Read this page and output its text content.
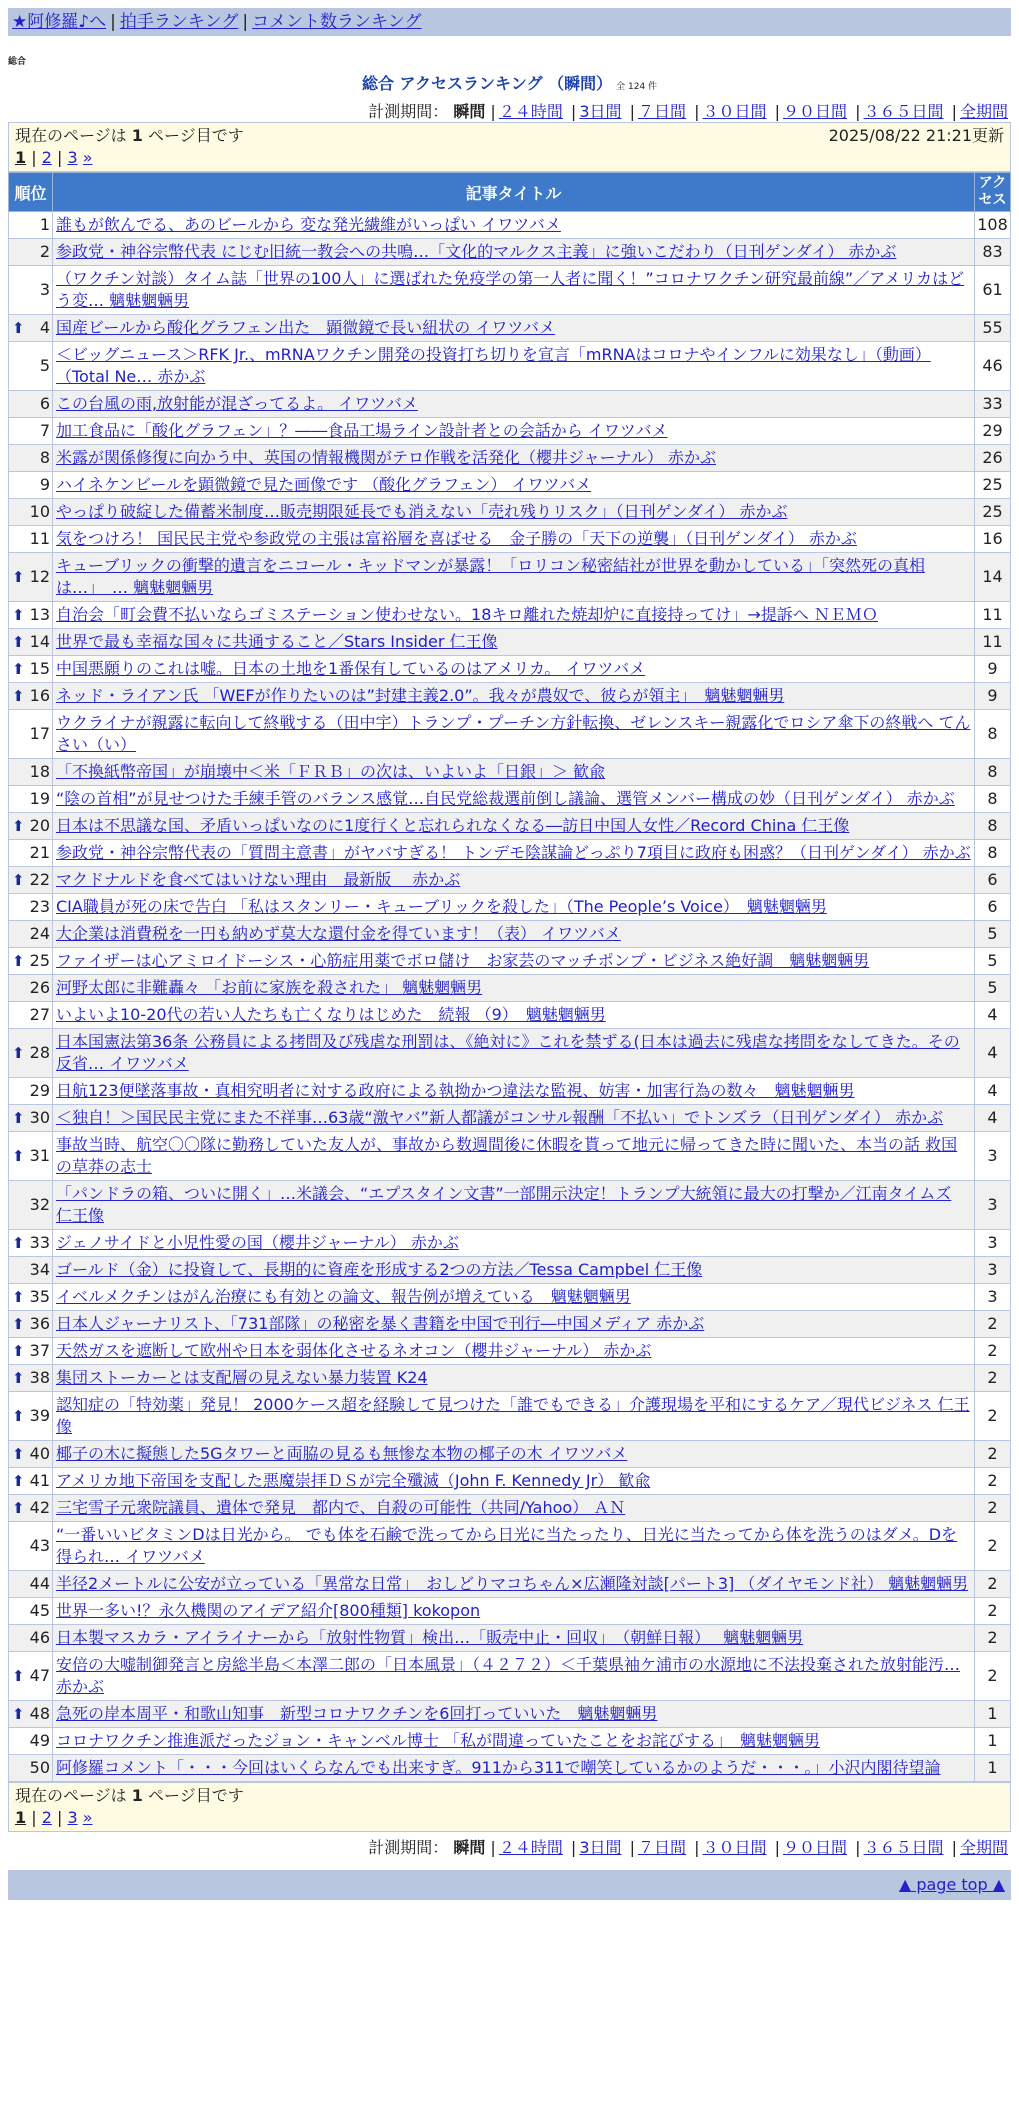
★阿修羅♪へ | 拍手ランキング | コメント数ランキング
総合
総合 アクセスランキング （瞬間） 全 124 件
計測期間： 瞬間 | ２４時間 | 3日間 | ７日間 | ３０日間 | ９０日間 | ３６５日間 | 全期間
現在のページは 1 ページ目です	2025/08/22 21:21更新
1 | 2 | 3 »
順位	記事タイトル	アクセス
1	誰もが飲んでる、あのビールから 変な発光繊維がいっぱい イワツバメ	108
2	参政党・神谷宗幣代表 にじむ旧統一教会への共鳴…「文化的マルクス主義」に強いこだわり（日刊ゲンダイ） 赤かぶ	83
3	（ワクチン対談）タイム誌「世界の100人」に選ばれた免疫学の第一人者に聞く！”コロナワクチン研究最前線”／アメリカはどう変… 魑魅魍魎男	61

⬆ 4	国産ビールから酸化グラフェン出た　顕微鏡で長い紐状の イワツバメ	55
5	＜ビッグニュース＞RFK Jr.、mRNAワクチン開発の投資打ち切りを宣言「mRNAはコロナやインフルに効果なし」（動画）（Total Ne… 赤かぶ	46
6	この台風の雨,放射能が混ざってるよ。 イワツバメ	33
7	加工食品に「酸化グラフェン」？――食品工場ライン設計者との会話から イワツバメ	29
8	米露が関係修復に向かう中、英国の情報機関がテロ作戦を活発化（櫻井ジャーナル） 赤かぶ	26
9	ハイネケンビールを顕微鏡で見た画像です （酸化グラフェン） イワツバメ	25
10	やっぱり破綻した備蓄米制度…販売期限延長でも消えない「売れ残りリスク」（日刊ゲンダイ） 赤かぶ	25
11	気をつけろ！ 国民民主党や参政党の主張は富裕層を喜ばせる　金子勝の「天下の逆襲」（日刊ゲンダイ） 赤かぶ	16

⬆ 12	キューブリックの衝撃的遺言をニコール・キッドマンが暴露！「ロリコン秘密結社が世界を動かしている」「突然死の真相は…」　… 魑魅魍魎男	14

⬆ 13	自治会「町会費不払いならゴミステーション使わせない。18キロ離れた焼却炉に直接持ってけ」→提訴へ ＮＥＭＯ	11

⬆ 14	世界で最も幸福な国々に共通すること／Stars Insider 仁王像	11

⬆ 15	中国悪願りのこれは嘘。日本の土地を1番保有しているのはアメリカ。 イワツバメ	9

⬆ 16	ネッド・ライアン氏 「WEFが作りたいのは”封建主義2.0”。我々が農奴で、彼らが領主」　魑魅魍魎男	9
17	ウクライナが親露に転向して終戦する（田中宇）トランプ・プーチン方針転換、ゼレンスキー親露化でロシア傘下の終戦へ てんさい（い）	8
18	「不換紙幣帝国」が崩壊中＜米「ＦＲＢ」の次は、いよいよ「日銀」＞ 歓兪	8
19	“陰の首相”が見せつけた手練手管のバランス感覚…自民党総裁選前倒し議論、選管メンバー構成の妙（日刊ゲンダイ） 赤かぶ	8

⬆ 20	日本は不思議な国、矛盾いっぱいなのに1度行くと忘れられなくなる―訪日中国人女性／Record China 仁王像	8
21	参政党・神谷宗幣代表の「質問主意書」がヤバすぎる！ トンデモ陰謀論どっぷり7項目に政府も困惑？（日刊ゲンダイ） 赤かぶ	8

⬆ 22	マクドナルドを食べてはいけない理由　最新版　 赤かぶ	6
23	CIA職員が死の床で告白 「私はスタンリー・キューブリックを殺した」（The People’s Voice）　魑魅魍魎男	6
24	大企業は消費税を一円も納めず莫大な還付金を得ています！（表） イワツバメ	5

⬆ 25	ファイザーは心アミロイドーシス・心筋症用薬でボロ儲け　お家芸のマッチポンプ・ビジネス絶好調　魑魅魍魎男	5
26	河野太郎に非難轟々 「お前に家族を殺された」 魑魅魍魎男	5
27	いよいよ10-20代の若い人たちも亡くなりはじめた　続報 （9）　魑魅魍魎男	4

⬆ 28	日本国憲法第36条 公務員による拷問及び残虐な刑罰は、《絶対に》これを禁ずる(日本は過去に残虐な拷問をなしてきた。その反省… イワツバメ	4
29	日航123便墜落事故・真相究明者に対する政府による執拗かつ違法な監視、妨害・加害行為の数々　魑魅魍魎男	4

⬆ 30	＜独自！＞国民民主党にまた不祥事…63歳“激ヤバ”新人都議がコンサル報酬「不払い」でトンズラ（日刊ゲンダイ） 赤かぶ	4

⬆ 31	事故当時、航空〇〇隊に勤務していた友人が、事故から数週間後に休暇を貰って地元に帰ってきた時に聞いた、本当の話 救国の草莽の志士	3
32	「パンドラの箱、ついに開く」…米議会、“エプスタイン文書”一部開示決定！トランプ大統領に最大の打撃か／江南タイムズ 仁王像	3

⬆ 33	ジェノサイドと小児性愛の国（櫻井ジャーナル） 赤かぶ	3
34	ゴールド（金）に投資して、長期的に資産を形成する2つの方法／Tessa Campbel 仁王像	3

⬆ 35	イベルメクチンはがん治療にも有効との論文、報告例が増えている　魑魅魍魎男	3

⬆ 36	日本人ジャーナリスト、「731部隊」の秘密を暴く書籍を中国で刊行―中国メディア 赤かぶ	2

⬆ 37	天然ガスを遮断して欧州や日本を弱体化させるネオコン（櫻井ジャーナル） 赤かぶ	2

⬆ 38	集団ストーカーとは支配層の見えない暴力装置 K24	2

⬆ 39	認知症の「特効薬」発見！ 2000ケース超を経験して見つけた「誰でもできる」介護現場を平和にするケア／現代ビジネス 仁王像	2

⬆ 40	椰子の木に擬態した5Gタワーと両脇の見るも無惨な本物の椰子の木 イワツバメ	2

⬆ 41	アメリカ地下帝国を支配した悪魔崇拝ＤＳが完全殲滅（John F. Kennedy Jr） 歓兪	2

⬆ 42	三宅雪子元衆院議員、遺体で発見　都内で、自殺の可能性（共同/Yahoo） ＡＮ	2
43	“一番いいビタミンDは日光から。 でも体を石鹸で洗ってから日光に当たったり、日光に当たってから体を洗うのはダメ。Dを得られ… イワツバメ	2
44	半径2メートルに公安が立っている「異常な日常」　おしどりマコちゃん×広瀬隆対談[パート3] （ダイヤモンド社） 魑魅魍魎男	2
45	世界一多い!？永久機関のアイデア紹介[800種類] kokopon	2
46	日本製マスカラ・アイライナーから「放射性物質」検出…「販売中止・回収」　（朝鮮日報）　 魑魅魍魎男	2

⬆ 47	安倍の大嘘制御発言と房総半島＜本澤二郎の「日本風景」（４２７２）＜千葉県袖ケ浦市の水源地に不法投棄された放射能汚… 赤かぶ	2

⬆ 48	急死の岸本周平・和歌山知事　新型コロナワクチンを6回打っていいた　魑魅魍魎男	1
49	コロナワクチン推進派だったジョン・キャンベル博士 「私が間違っていたことをお詫びする」　魑魅魍魎男	1
50	阿修羅コメント「・・・今回はいくらなんでも出来すぎ。911から311で嘲笑しているかのようだ・・・。」小沢内閣待望論	1
現在のページは 1 ページ目です
1 | 2 | 3 »
計測期間： 瞬間 | ２４時間 | 3日間 | ７日間 | ３０日間 | ９０日間 | ３６５日間 | 全期間
▲ page top ▲
